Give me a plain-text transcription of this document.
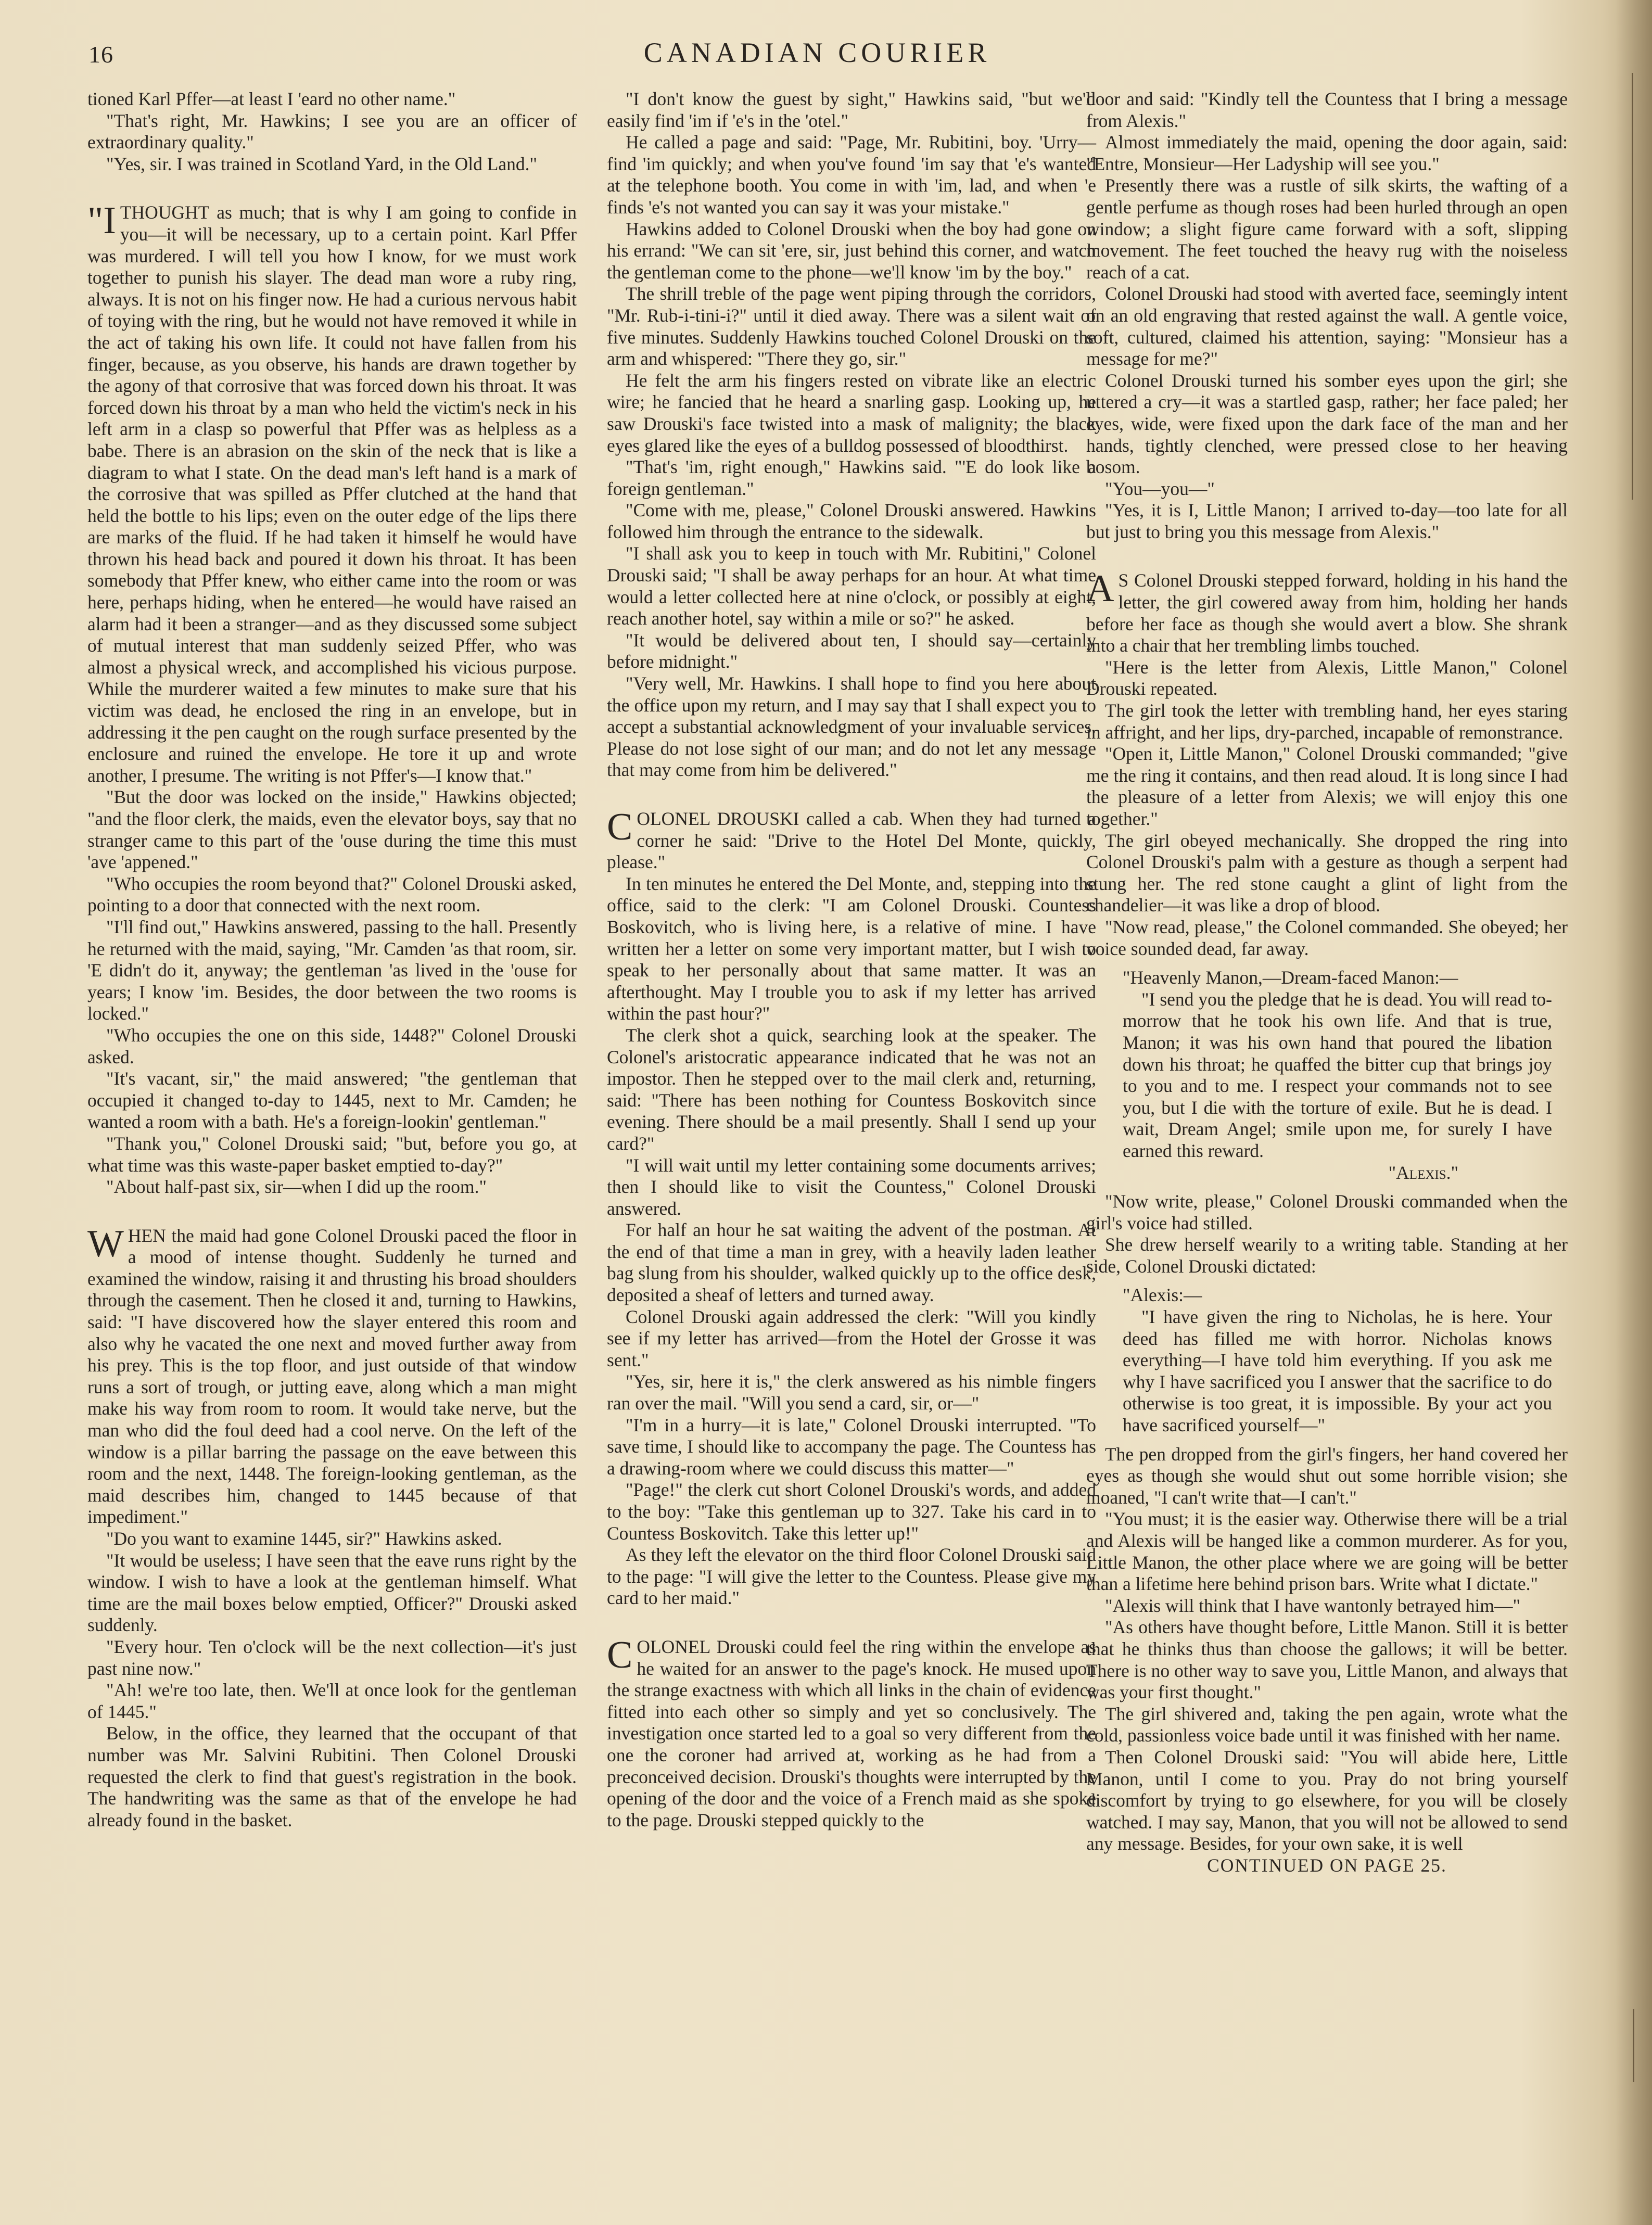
16	CANADIAN COURIER

tioned Karl Pffer—at least I 'eard no other name."

"That's right, Mr. Hawkins; I see you are an officer of extraordinary quality."

"Yes, sir. I was trained in Scotland Yard, in the Old Land."

"ITHOUGHT as much; that is why I am going to confide in you—it will be necessary, up to a certain point. Karl Pffer was murdered. I will tell you how I know, for we must work together to punish his slayer. The dead man wore a ruby ring, always. It is not on his finger now. He had a curious nervous habit of toying with the ring, but he would not have removed it while in the act of taking his own life. It could not have fallen from his finger, because, as you observe, his hands are drawn together by the agony of that corrosive that was forced down his throat. It was forced down his throat by a man who held the victim's neck in his left arm in a clasp so powerful that Pffer was as helpless as a babe. There is an abrasion on the skin of the neck that is like a diagram to what I state. On the dead man's left hand is a mark of the corrosive that was spilled as Pffer clutched at the hand that held the bottle to his lips; even on the outer edge of the lips there are marks of the fluid. If he had taken it himself he would have thrown his head back and poured it down his throat. It has been somebody that Pffer knew, who either came into the room or was here, perhaps hiding, when he entered—he would have raised an alarm had it been a stranger—and as they discussed some subject of mutual interest that man suddenly seized Pffer, who was almost a physical wreck, and accomplished his vicious purpose. While the murderer waited a few minutes to make sure that his victim was dead, he enclosed the ring in an envelope, but in addressing it the pen caught on the rough surface presented by the enclosure and ruined the envelope. He tore it up and wrote another, I presume. The writing is not Pffer's—I know that."

"But the door was locked on the inside," Hawkins objected; "and the floor clerk, the maids, even the elevator boys, say that no stranger came to this part of the 'ouse during the time this must 'ave 'appened."

"Who occupies the room beyond that?" Colonel Drouski asked, pointing to a door that connected with the next room.

"I'll find out," Hawkins answered, passing to the hall. Presently he returned with the maid, saying, "Mr. Camden 'as that room, sir. 'E didn't do it, anyway; the gentleman 'as lived in the 'ouse for years; I know 'im. Besides, the door between the two rooms is locked."

"Who occupies the one on this side, 1448?" Colonel Drouski asked.

"It's vacant, sir," the maid answered; "the gentleman that occupied it changed to-day to 1445, next to Mr. Camden; he wanted a room with a bath. He's a foreign-lookin' gentleman."

"Thank you," Colonel Drouski said; "but, before you go, at what time was this waste-paper basket emptied to-day?"

"About half-past six, sir—when I did up the room."

WHEN the maid had gone Colonel Drouski paced the floor in a mood of intense thought. Suddenly he turned and examined the window, raising it and thrusting his broad shoulders through the casement. Then he closed it and, turning to Hawkins, said: "I have discovered how the slayer entered this room and also why he vacated the one next and moved further away from his prey. This is the top floor, and just outside of that window runs a sort of trough, or jutting eave, along which a man might make his way from room to room. It would take nerve, but the man who did the foul deed had a cool nerve. On the left of the window is a pillar barring the passage on the eave between this room and the next, 1448. The foreign-looking gentleman, as the maid describes him, changed to 1445 because of that impediment."

"Do you want to examine 1445, sir?" Hawkins asked.

"It would be useless; I have seen that the eave runs right by the window. I wish to have a look at the gentleman himself. What time are the mail boxes below emptied, Officer?" Drouski asked suddenly.

"Every hour. Ten o'clock will be the next collection—it's just past nine now."

"Ah! we're too late, then. We'll at once look for the gentleman of 1445."

Below, in the office, they learned that the occupant of that number was Mr. Salvini Rubitini. Then Colonel Drouski requested the clerk to find that guest's registration in the book. The handwriting was the same as that of the envelope he had already found in the basket.

"I don't know the guest by sight," Hawkins said, "but we'll easily find 'im if 'e's in the 'otel."

He called a page and said: "Page, Mr. Rubitini, boy. 'Urry—find 'im quickly; and when you've found 'im say that 'e's wanted at the telephone booth. You come in with 'im, lad, and when 'e finds 'e's not wanted you can say it was your mistake."

Hawkins added to Colonel Drouski when the boy had gone on his errand: "We can sit 'ere, sir, just behind this corner, and watch the gentleman come to the phone—we'll know 'im by the boy."

The shrill treble of the page went piping through the corridors, "Mr. Rub-i-tini-i?" until it died away. There was a silent wait of five minutes. Suddenly Hawkins touched Colonel Drouski on the arm and whispered: "There they go, sir."

He felt the arm his fingers rested on vibrate like an electric wire; he fancied that he heard a snarling gasp. Looking up, he saw Drouski's face twisted into a mask of malignity; the black eyes glared like the eyes of a bulldog possessed of bloodthirst.

"That's 'im, right enough," Hawkins said. "'E do look like a foreign gentleman."

"Come with me, please," Colonel Drouski answered. Hawkins followed him through the entrance to the sidewalk.

"I shall ask you to keep in touch with Mr. Rubitini," Colonel Drouski said; "I shall be away perhaps for an hour. At what time would a letter collected here at nine o'clock, or possibly at eight, reach another hotel, say within a mile or so?" he asked.

"It would be delivered about ten, I should say—certainly before midnight."

"Very well, Mr. Hawkins. I shall hope to find you here about the office upon my return, and I may say that I shall expect you to accept a substantial acknowledgment of your invaluable services. Please do not lose sight of our man; and do not let any message that may come from him be delivered."

COLONEL DROUSKI called a cab. When they had turned a corner he said: "Drive to the Hotel Del Monte, quickly, please."

In ten minutes he entered the Del Monte, and, stepping into the office, said to the clerk: "I am Colonel Drouski. Countess Boskovitch, who is living here, is a relative of mine. I have written her a letter on some very important matter, but I wish to speak to her personally about that same matter. It was an afterthought. May I trouble you to ask if my letter has arrived within the past hour?"

The clerk shot a quick, searching look at the speaker. The Colonel's aristocratic appearance indicated that he was not an impostor. Then he stepped over to the mail clerk and, returning, said: "There has been nothing for Countess Boskovitch since evening. There should be a mail presently. Shall I send up your card?"

"I will wait until my letter containing some documents arrives; then I should like to visit the Countess," Colonel Drouski answered.

For half an hour he sat waiting the advent of the postman. At the end of that time a man in grey, with a heavily laden leather bag slung from his shoulder, walked quickly up to the office desk, deposited a sheaf of letters and turned away.

Colonel Drouski again addressed the clerk: "Will you kindly see if my letter has arrived—from the Hotel der Grosse it was sent."

"Yes, sir, here it is," the clerk answered as his nimble fingers ran over the mail. "Will you send a card, sir, or—"

"I'm in a hurry—it is late," Colonel Drouski interrupted. "To save time, I should like to accompany the page. The Countess has a drawing-room where we could discuss this matter—"

"Page!" the clerk cut short Colonel Drouski's words, and added to the boy: "Take this gentleman up to 327. Take his card in to Countess Boskovitch. Take this letter up!"

As they left the elevator on the third floor Colonel Drouski said to the page: "I will give the letter to the Countess. Please give my card to her maid."

COLONEL Drouski could feel the ring within the envelope as he waited for an answer to the page's knock. He mused upon the strange exactness with which all links in the chain of evidence fitted into each other so simply and yet so conclusively. The investigation once started led to a goal so very different from the one the coroner had arrived at, working as he had from a preconceived decision. Drouski's thoughts were interrupted by the opening of the door and the voice of a French maid as she spoke to the page. Drouski stepped quickly to the

door and said: "Kindly tell the Countess that I bring a message from Alexis."

Almost immediately the maid, opening the door again, said: "Entre, Monsieur—Her Ladyship will see you."

Presently there was a rustle of silk skirts, the wafting of a gentle perfume as though roses had been hurled through an open window; a slight figure came forward with a soft, slipping movement. The feet touched the heavy rug with the noiseless reach of a cat.

Colonel Drouski had stood with averted face, seemingly intent on an old engraving that rested against the wall. A gentle voice, soft, cultured, claimed his attention, saying: "Monsieur has a message for me?"

Colonel Drouski turned his somber eyes upon the girl; she uttered a cry—it was a startled gasp, rather; her face paled; her eyes, wide, were fixed upon the dark face of the man and her hands, tightly clenched, were pressed close to her heaving bosom.

"You—you—"

"Yes, it is I, Little Manon; I arrived to-day—too late for all but just to bring you this message from Alexis."

A S Colonel Drouski stepped forward, holding in his hand the letter, the girl cowered away from him, holding her hands before her face as though she would avert a blow. She shrank into a chair that her trembling limbs touched.

"Here is the letter from Alexis, Little Manon," Colonel Drouski repeated.

The girl took the letter with trembling hand, her eyes staring in affright, and her lips, dry-parched, incapable of remonstrance.

"Open it, Little Manon," Colonel Drouski commanded; "give me the ring it contains, and then read aloud. It is long since I had the pleasure of a letter from Alexis; we will enjoy this one together."

The girl obeyed mechanically. She dropped the ring into Colonel Drouski's palm with a gesture as though a serpent had stung her. The red stone caught a glint of light from the chandelier—it was like a drop of blood.

"Now read, please," the Colonel commanded. She obeyed; her voice sounded dead, far away.

"Heavenly Manon,—Dream-faced Manon:—

"I send you the pledge that he is dead. You will read to-morrow that he took his own life. And that is true, Manon; it was his own hand that poured the libation down his throat; he quaffed the bitter cup that brings joy to you and to me. I respect your commands not to see you, but I die with the torture of exile. But he is dead. I wait, Dream Angel; smile upon me, for surely I have earned this reward.

"Alexis."

"Now write, please," Colonel Drouski commanded when the girl's voice had stilled.

She drew herself wearily to a writing table. Standing at her side, Colonel Drouski dictated:

"Alexis:—

"I have given the ring to Nicholas, he is here. Your deed has filled me with horror. Nicholas knows everything—I have told him everything. If you ask me why I have sacrificed you I answer that the sacrifice to do otherwise is too great, it is impossible. By your act you have sacrificed yourself—"

The pen dropped from the girl's fingers, her hand covered her eyes as though she would shut out some horrible vision; she moaned, "I can't write that—I can't."

"You must; it is the easier way. Otherwise there will be a trial and Alexis will be hanged like a common murderer. As for you, Little Manon, the other place where we are going will be better than a lifetime here behind prison bars. Write what I dictate."

"Alexis will think that I have wantonly betrayed him—"

"As others have thought before, Little Manon. Still it is better that he thinks thus than choose the gallows; it will be better. There is no other way to save you, Little Manon, and always that was your first thought."

The girl shivered and, taking the pen again, wrote what the cold, passionless voice bade until it was finished with her name.

Then Colonel Drouski said: "You will abide here, Little Manon, until I come to you. Pray do not bring yourself discomfort by trying to go elsewhere, for you will be closely watched. I may say, Manon, that you will not be allowed to send any message. Besides, for your own sake, it is well

CONTINUED ON PAGE 25.
